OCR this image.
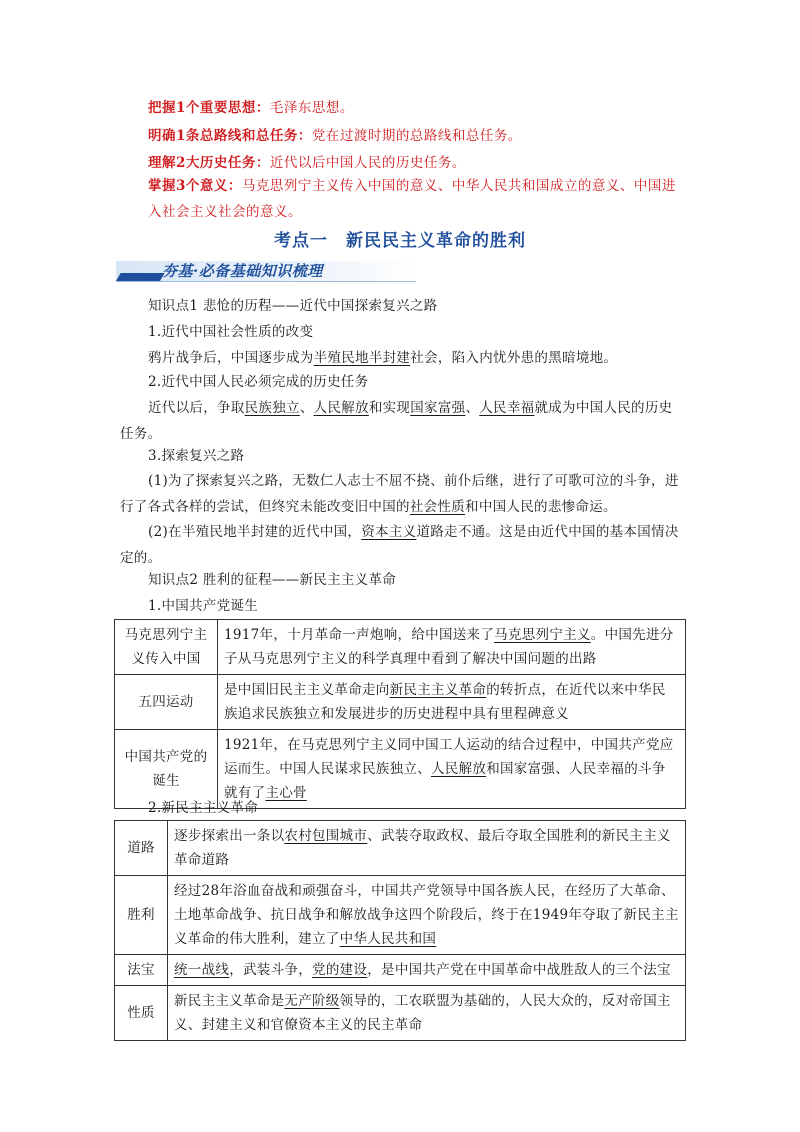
把握1个重要思想：毛泽东思想。
明确1条总路线和总任务：党在过渡时期的总路线和总任务。
理解2大历史任务：近代以后中国人民的历史任务。
掌握3个意义：马克思列宁主义传入中国的意义、中华人民共和国成立的意义、中国进入社会主义社会的意义。
考点一　新民民主义革命的胜利
夯基·必备基础知识梳理
知识点1 悲怆的历程——近代中国探索复兴之路
1.近代中国社会性质的改变
鸦片战争后，中国逐步成为半殖民地半封建社会，陷入内忧外患的黑暗境地。
2.近代中国人民必须完成的历史任务
近代以后，争取民族独立、人民解放和实现国家富强、人民幸福就成为中国人民的历史任务。
3.探索复兴之路
(1)为了探索复兴之路，无数仁人志士不屈不挠、前仆后继，进行了可歌可泣的斗争，进行了各式各样的尝试，但终究未能改变旧中国的社会性质和中国人民的悲惨命运。
(2)在半殖民地半封建的近代中国，资本主义道路走不通。这是由近代中国的基本国情决定的。
知识点2 胜利的征程——新民主主义革命
1.中国共产党诞生
马克思列宁主义传入中国	1917年，十月革命一声炮响，给中国送来了马克思列宁主义。中国先进分子从马克思列宁主义的科学真理中看到了解决中国问题的出路
五四运动	是中国旧民主主义革命走向新民主主义革命的转折点，在近代以来中华民族追求民族独立和发展进步的历史进程中具有里程碑意义
中国共产党的诞生	1921年，在马克思列宁主义同中国工人运动的结合过程中，中国共产党应运而生。中国人民谋求民族独立、人民解放和国家富强、人民幸福的斗争就有了主心骨
2.新民主主义革命
道路	逐步探索出一条以农村包围城市、武装夺取政权、最后夺取全国胜利的新民主主义革命道路
胜利	经过28年浴血奋战和顽强奋斗，中国共产党领导中国各族人民，在经历了大革命、土地革命战争、抗日战争和解放战争这四个阶段后，终于在1949年夺取了新民主主义革命的伟大胜利，建立了中华人民共和国
法宝	统一战线，武装斗争，党的建设，是中国共产党在中国革命中战胜敌人的三个法宝
性质	新民主主义革命是无产阶级领导的，工农联盟为基础的，人民大众的，反对帝国主义、封建主义和官僚资本主义的民主革命
